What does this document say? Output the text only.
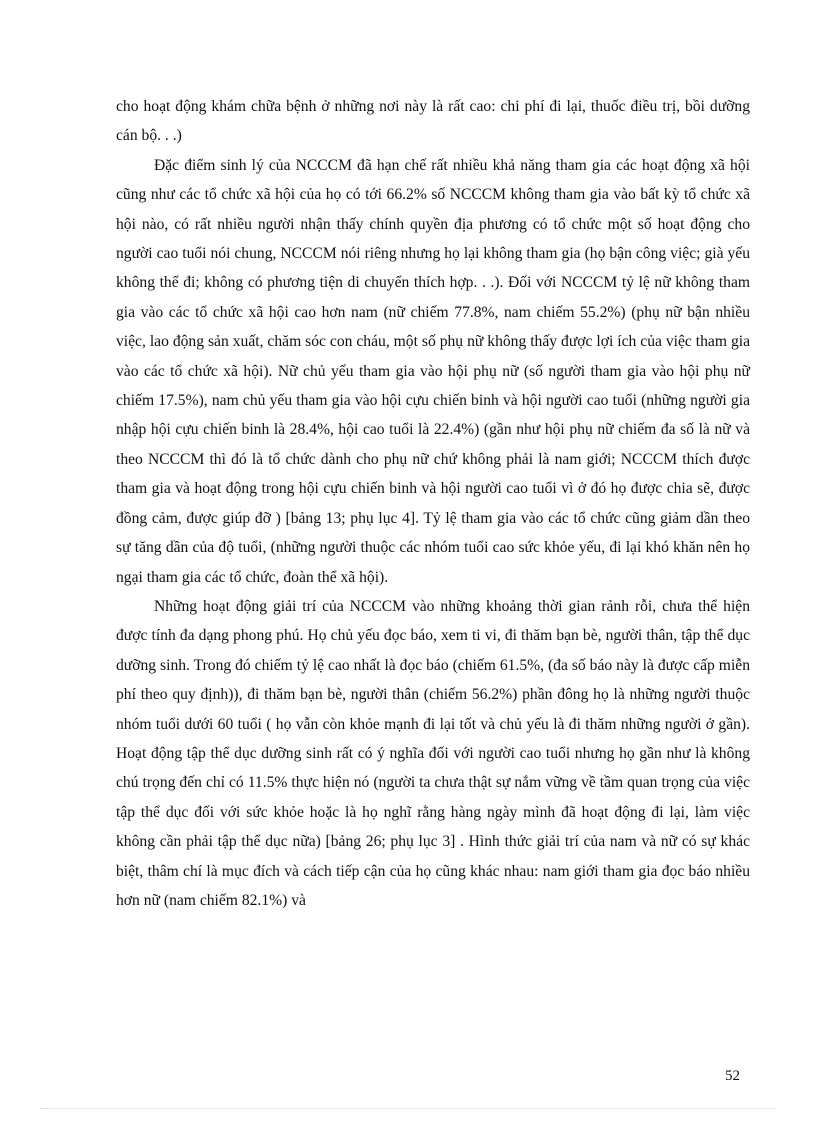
cho hoạt động khám chữa bệnh ở những nơi này là rất cao: chi phí đi lại, thuốc điều trị, bồi dưỡng cán bộ. . .)

Đặc điểm sinh lý của NCCCM đã hạn chế rất nhiều khả năng tham gia các hoạt động xã hội cũng như các tổ chức xã hội của họ có tới 66.2% số NCCCM không tham gia vào bất kỳ tổ chức xã hội nào, có rất nhiều người nhận thấy chính quyền địa phương có tổ chức một số hoạt động cho người cao tuổi nói chung, NCCCM nói riêng nhưng họ lại không tham gia (họ bận công việc; già yếu không thể đi; không có phương tiện di chuyển thích hợp. . .). Đối với NCCCM tỷ lệ nữ không tham gia vào các tổ chức xã hội cao hơn nam (nữ chiếm 77.8%, nam chiếm 55.2%) (phụ nữ bận nhiều việc, lao động sản xuất, chăm sóc con cháu, một số phụ nữ không thấy được lợi ích của việc tham gia vào các tổ chức xã hội). Nữ chủ yếu tham gia vào hội phụ nữ (số người tham gia vào hội phụ nữ chiếm 17.5%), nam chủ yếu tham gia vào hội cựu chiến binh và hội người cao tuổi (những người gia nhập hội cựu chiến binh là 28.4%, hội cao tuổi là 22.4%) (gần như hội phụ nữ chiếm đa số là nữ và theo NCCCM thì đó là tổ chức dành cho phụ nữ chứ không phải là nam giới; NCCCM thích được tham gia và hoạt động trong hội cựu chiến binh và hội người cao tuổi vì ở đó họ được chia sẽ, được đồng cảm, được giúp đỡ ) [bảng 13; phụ lục 4]. Tỷ lệ tham gia vào các tổ chức cũng giảm dần theo sự tăng dần của độ tuổi, (những người thuộc các nhóm tuổi cao sức khỏe yếu, đi lại khó khăn nên họ ngại tham gia các tổ chức, đoàn thể xã hội).

Những hoạt động giải trí của NCCCM vào những khoảng thời gian rảnh rỗi, chưa thể hiện được tính đa dạng phong phú. Họ chủ yếu đọc báo, xem ti vi, đi thăm bạn bè, người thân, tập thể dục dưỡng sinh. Trong đó chiếm tỷ lệ cao nhất là đọc báo (chiếm 61.5%, (đa số báo này là được cấp miễn phí theo quy định)), đi thăm bạn bè, người thân (chiếm 56.2%) phần đông họ là những người thuộc nhóm tuổi dưới 60 tuổi ( họ vẫn còn khỏe mạnh đi lại tốt và chủ yếu là đi thăm những người ở gần). Hoạt động tập thể dục dưỡng sinh rất có ý nghĩa đối với người cao tuổi nhưng họ gần như là không chú trọng đến chỉ có 11.5% thực hiện nó (người ta chưa thật sự nắm vững về tầm quan trọng của việc tập thể dục đối với sức khỏe hoặc là họ nghĩ rằng hàng ngày mình đã hoạt động đi lại, làm việc không cần phải tập thể dục nữa) [bảng 26; phụ lục 3] . Hình thức giải trí của nam và nữ có sự khác biệt, thâm chí là mục đích và cách tiếp cận của họ cũng khác nhau: nam giới tham gia đọc báo nhiều hơn nữ (nam chiếm 82.1%) và

52
